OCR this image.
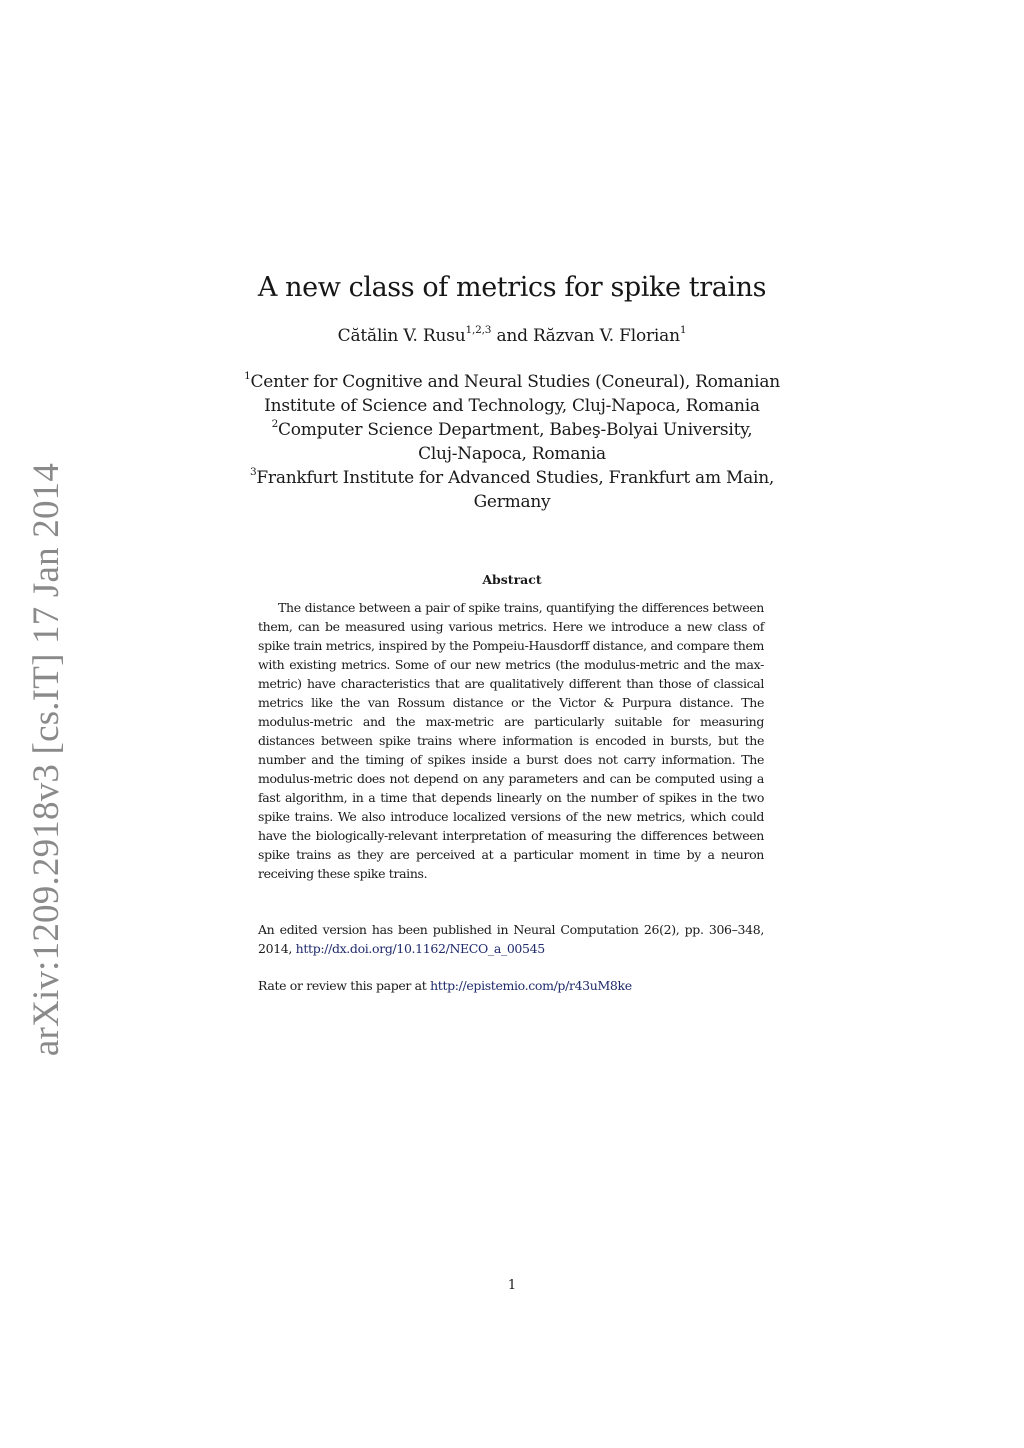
arXiv:1209.2918v3 [cs.IT] 17 Jan 2014
A new class of metrics for spike trains
Cătălin V. Rusu$^{1,2,3}$ and Răzvan V. Florian$^1$
$^1$Center for Cognitive and Neural Studies (Coneural), Romanian
Institute of Science and Technology, Cluj-Napoca, Romania
$^2$Computer Science Department, Babeş-Bolyai University,
Cluj-Napoca, Romania
$^3$Frankfurt Institute for Advanced Studies, Frankfurt am Main,
Germany
Abstract

The distance between a pair of spike trains, quantifying the differences between them, can be measured using various metrics. Here we introduce a new class of spike train metrics, inspired by the Pompeiu-Hausdorff distance, and compare them with existing metrics. Some of our new metrics (the modulus-metric and the max-metric) have characteristics that are qualitatively different than those of classical metrics like the van Rossum distance or the Victor & Purpura distance. The modulus-metric and the max-metric are particularly suitable for measuring distances between spike trains where information is encoded in bursts, but the number and the timing of spikes inside a burst does not carry information. The modulus-metric does not depend on any parameters and can be computed using a fast algorithm, in a time that depends linearly on the number of spikes in the two spike trains. We also introduce localized versions of the new metrics, which could have the biologically-relevant interpretation of measuring the differences between spike trains as they are perceived at a particular moment in time by a neuron receiving these spike trains.

An edited version has been published in Neural Computation 26(2), pp. 306–348, 2014, http://dx.doi.org/10.1162/NECO_a_00545
Rate or review this paper at http://epistemio.com/p/r43uM8ke
1
